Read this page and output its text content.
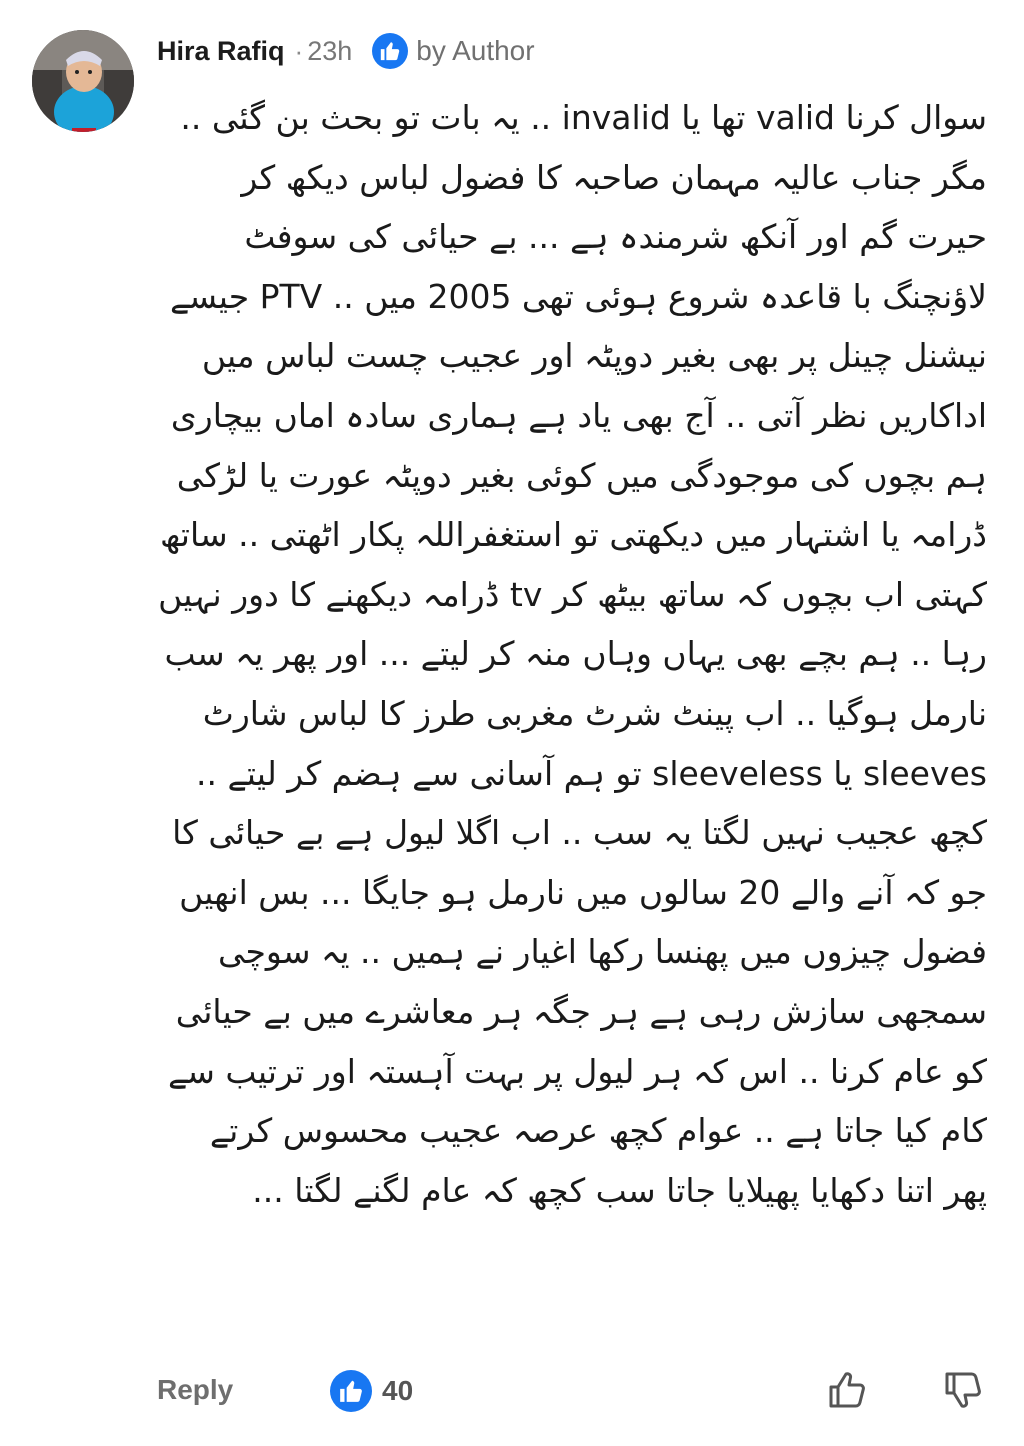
Hira Rafiq · 23h by Author
سوال کرنا valid تھا یا invalid .. یہ بات تو بحث بن گئی .. مگر جناب عالیہ مہمان صاحبہ کا فضول لباس دیکھ کر حیرت گم اور آنکھ شرمندہ ہے ... بے حیائی کی سوفٹ لاؤنچنگ با قاعدہ شروع ہوئی تھی 2005 میں .. PTV جیسے نیشنل چینل پر بھی بغیر دوپٹہ اور عجیب چست لباس میں اداکاریں نظر آتی .. آج بھی یاد ہے ہماری سادہ اماں بیچاری ہم بچوں کی موجودگی میں کوئی بغیر دوپٹہ عورت یا لڑکی ڈرامہ یا اشتہار میں دیکھتی تو استغفراللہ پکار اٹھتی .. ساتھ کہتی اب بچوں کہ ساتھ بیٹھ کر tv ڈرامہ دیکھنے کا دور نہیں رہا .. ہم بچے بھی یہاں وہاں منہ کر لیتے ... اور پھر یہ سب نارمل ہوگیا .. اب پینٹ شرٹ مغربی طرز کا لباس شارٹ sleeves یا sleeveless تو ہم آسانی سے ہضم کر لیتے .. کچھ عجیب نہیں لگتا یہ سب .. اب اگلا لیول ہے بے حیائی کا جو کہ آنے والے 20 سالوں میں نارمل ہو جایگا ... بس انھیں فضول چیزوں میں پھنسا رکھا اغیار نے ہمیں .. یہ سوچی سمجھی سازش رہی ہے ہر جگہ ہر معاشرے میں بے حیائی کو عام کرنا .. اس کہ ہر لیول پر بہت آہستہ اور ترتیب سے کام کیا جاتا ہے .. عوام کچھ عرصہ عجیب محسوس کرتے پھر اتنا دکھایا پھیلایا جاتا سب کچھ کہ عام لگنے لگتا ...
Reply	40
